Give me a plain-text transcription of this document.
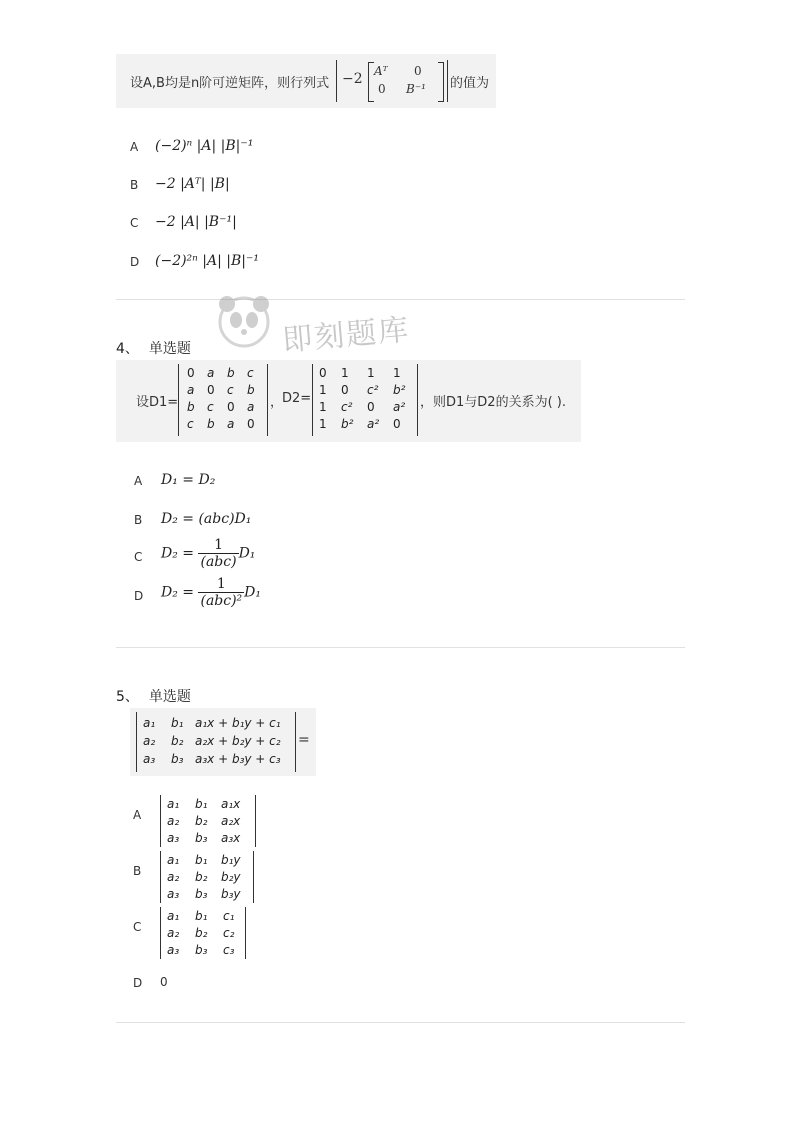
设A,B均是n阶可逆矩阵，则行列式 −2 Aᵀ 0
0 B⁻¹ 的值为
A (−2)ⁿ |A| |B|⁻¹
B −2 |Aᵀ| |B|
C −2 |A| |B⁻¹|
D (−2)²ⁿ |A| |B|⁻¹
即刻题库
4、 单选题
设D1=
0 a b c
a 0 c b
b c 0 a
c b a 0
，
D2=
0 1 1 1
1 0 c² b²
1 c² 0 a²
1 b² a² 0
，则D1与D2的关系为( ).
A D₁ = D₂
B D₂ = (abc)D₁
C $D_2 = \frac{1}{\text{(abc)}} D_1$
D $D_2 = \frac{1}{\text{(abc)²}} D_1$
5、 单选题
a₁ b₁ a₁x + b₁y + c₁
a₂ b₂ a₂x + b₂y + c₂
a₃ b₃ a₃x + b₃y + c₃
=
A
a₁ b₁ a₁x
a₂ b₂ a₂x
a₃ b₃ a₃x
B
a₁ b₁ b₁y
a₂ b₂ b₂y
a₃ b₃ b₃y
C
a₁ b₁ c₁
a₂ b₂ c₂
a₃ b₃ c₃
D 0
